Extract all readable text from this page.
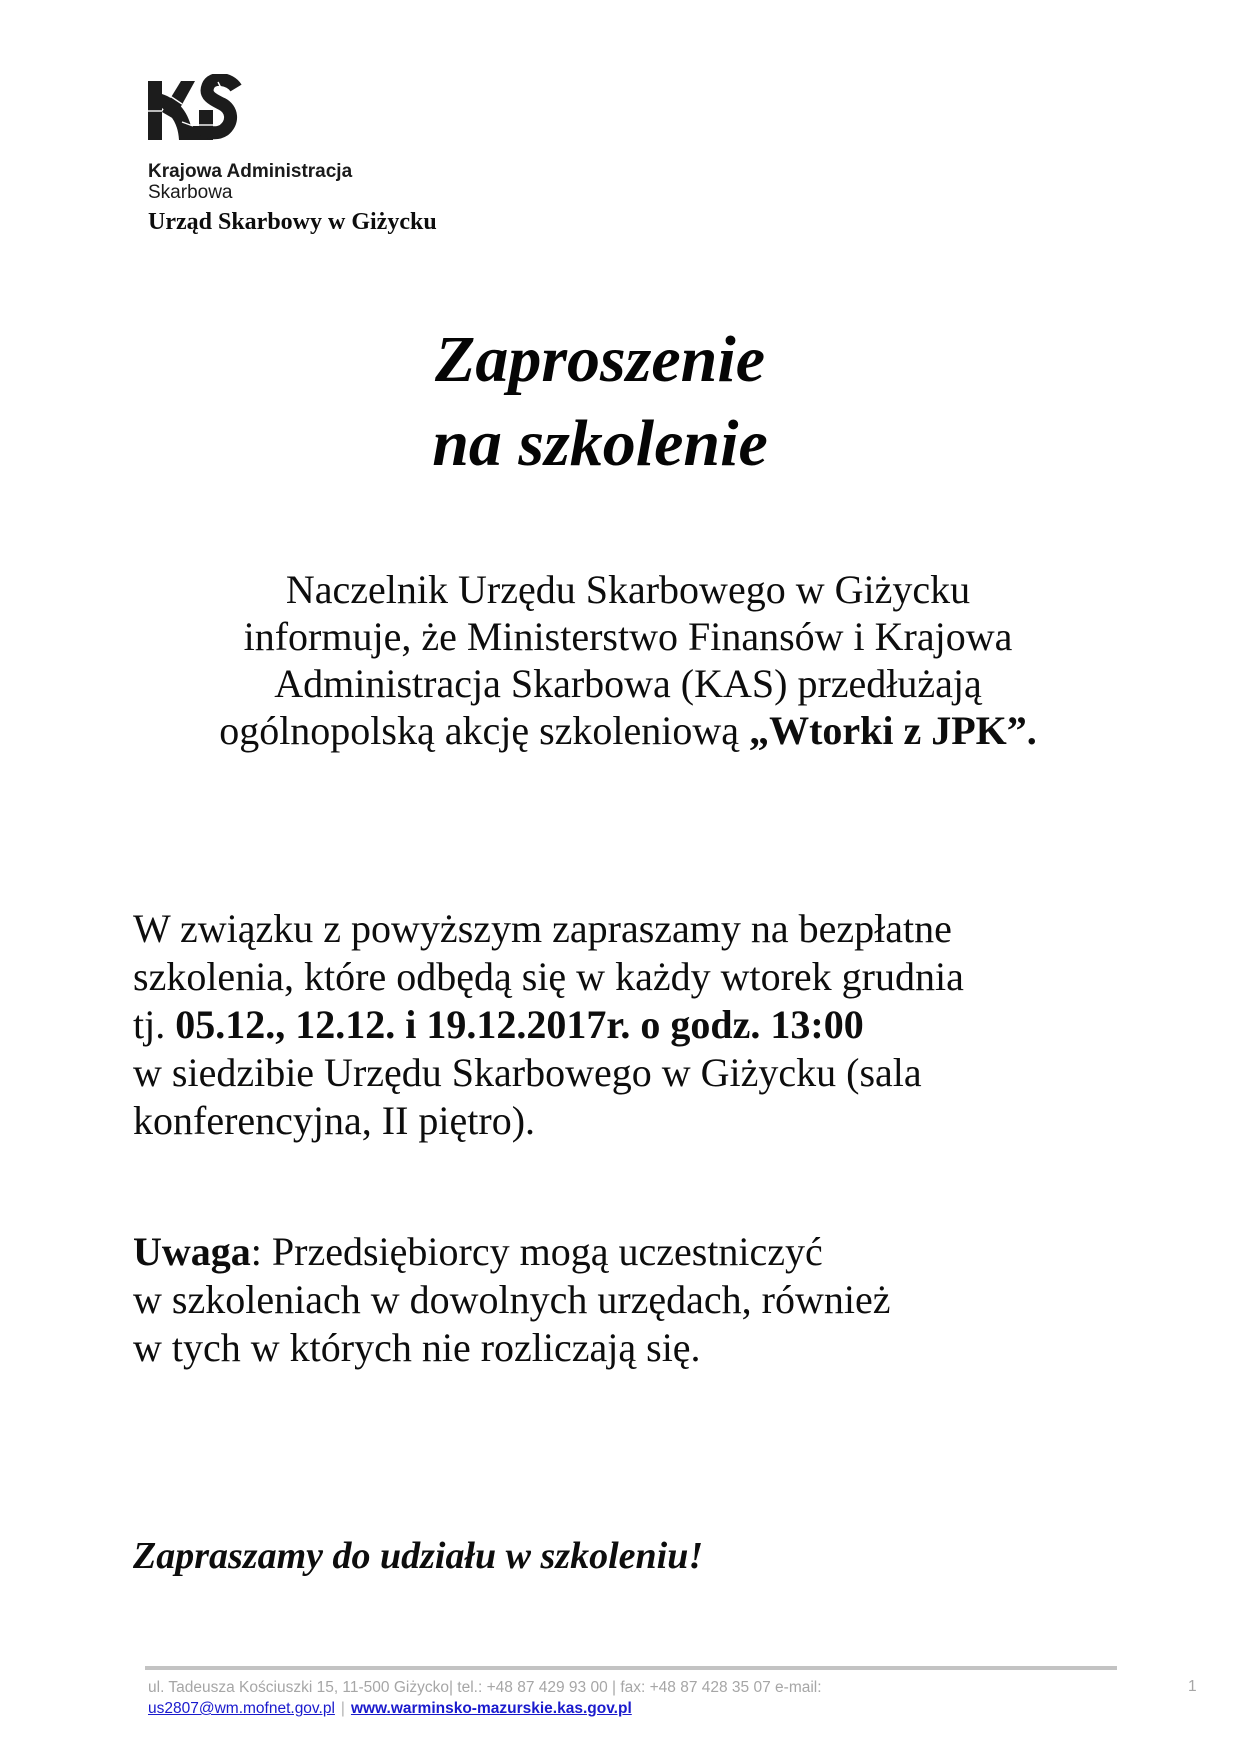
Krajowa Administracja
Skarbowa
Urząd Skarbowy w Giżycku
Zaproszenie
na szkolenie
Naczelnik Urzędu Skarbowego w Giżycku
informuje, że Ministerstwo Finansów i Krajowa
Administracja Skarbowa (KAS) przedłużają
ogólnopolską akcję szkoleniową „Wtorki z JPK”.
W związku z powyższym zapraszamy na bezpłatne
szkolenia, które odbędą się w każdy wtorek grudnia
tj. 05.12., 12.12. i 19.12.2017r. o godz. 13:00
w siedzibie Urzędu Skarbowego w Giżycku (sala
konferencyjna, II piętro).
Uwaga: Przedsiębiorcy mogą uczestniczyć
w szkoleniach w dowolnych urzędach, również
w tych w których nie rozliczają się.
Zapraszamy do udziału w szkoleniu!
ul. Tadeusza Kościuszki 15, 11-500 Giżycko| tel.: +48 87 429 93 00 | fax: +48 87 428 35 07 e-mail:
us2807@wm.mofnet.gov.pl | www.warminsko-mazurskie.kas.gov.pl
1
